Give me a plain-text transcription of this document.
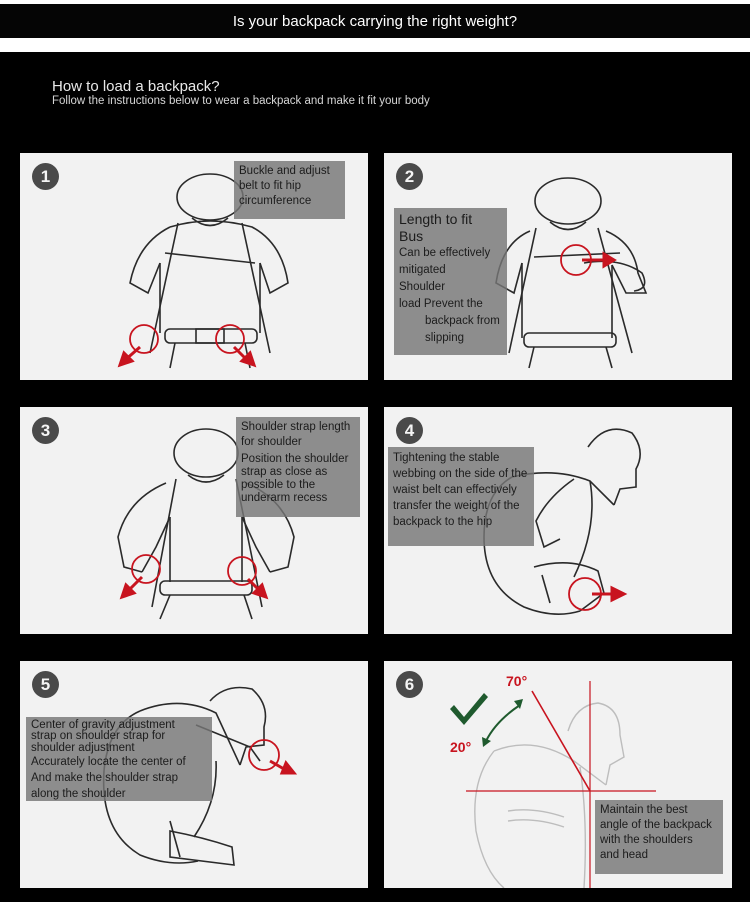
Is your backpack carrying the right weight?
How to load a backpack?
Follow the instructions below to wear a backpack and make it fit your body
1	Buckle and adjust
belt to fit hip
circumference
2
Length to fit
Bus
Can be effectively
mitigated
Shoulder
load Prevent the
backpack from
slipping
3	Shoulder strap length
for shoulder
Position the shoulder
strap as close as
possible to the
underarm recess
4
Tightening the stable
webbing on the side of the
waist belt can effectively
transfer the weight of the
backpack to the hip
5
Center of gravity adjustment
strap on shoulder strap for
shoulder adjustment
Accurately locate the center of
And make the shoulder strap
along the shoulder
6	70°
20°
Maintain the best
angle of the backpack
with the shoulders
and head
